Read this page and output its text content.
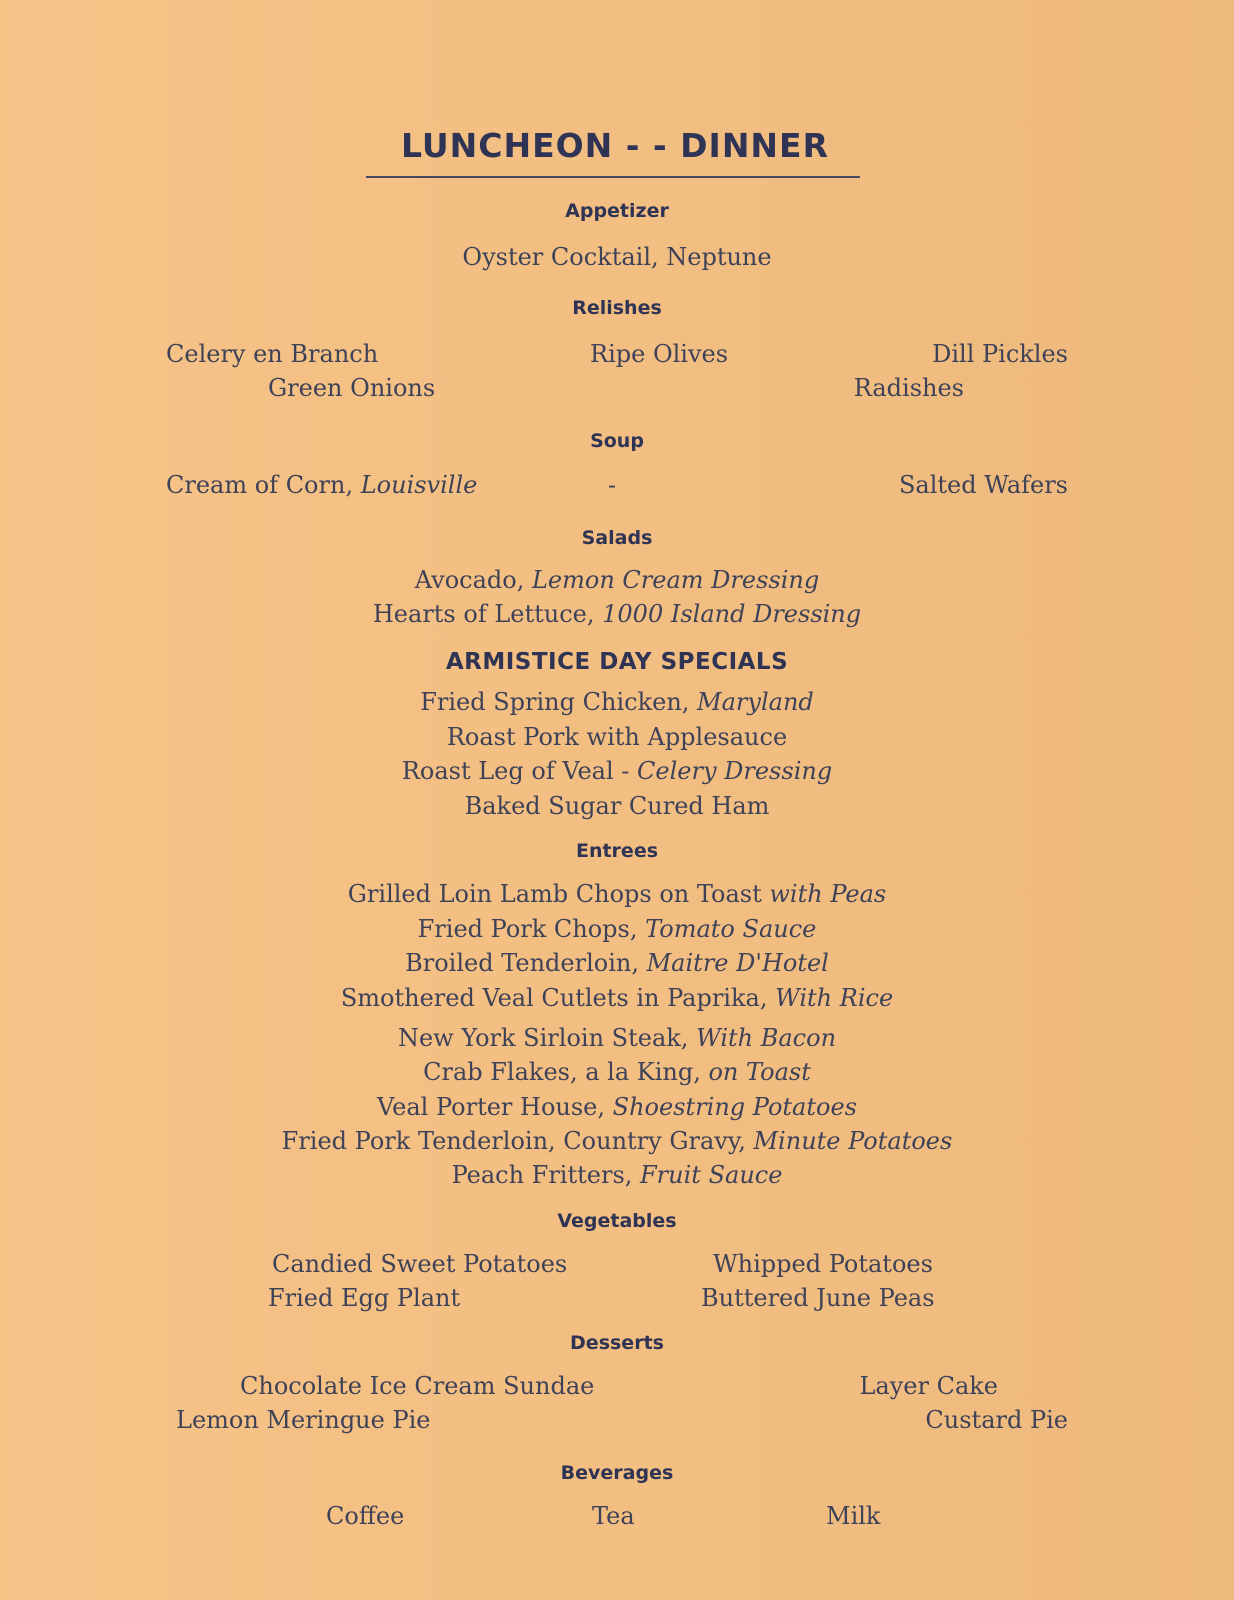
LUNCHEON - - DINNER
Appetizer
Oyster Cocktail, Neptune
Relishes
Celery en Branch	Ripe Olives	Dill Pickles
Green Onions	Radishes
Soup
Cream of Corn, Louisville	-	Salted Wafers
Salads
Avocado, Lemon Cream Dressing
Hearts of Lettuce, 1000 Island Dressing
ARMISTICE DAY SPECIALS
Fried Spring Chicken, Maryland
Roast Pork with Applesauce
Roast Leg of Veal - Celery Dressing
Baked Sugar Cured Ham
Entrees
Grilled Loin Lamb Chops on Toast with Peas
Fried Pork Chops, Tomato Sauce
Broiled Tenderloin, Maitre D'Hotel
Smothered Veal Cutlets in Paprika, With Rice
New York Sirloin Steak, With Bacon
Crab Flakes, a la King, on Toast
Veal Porter House, Shoestring Potatoes
Fried Pork Tenderloin, Country Gravy, Minute Potatoes
Peach Fritters, Fruit Sauce
Vegetables
Candied Sweet Potatoes	Whipped Potatoes
Fried Egg Plant	Buttered June Peas
Desserts
Chocolate Ice Cream Sundae	Layer Cake
Lemon Meringue Pie	Custard Pie
Beverages
Coffee	Tea	Milk
